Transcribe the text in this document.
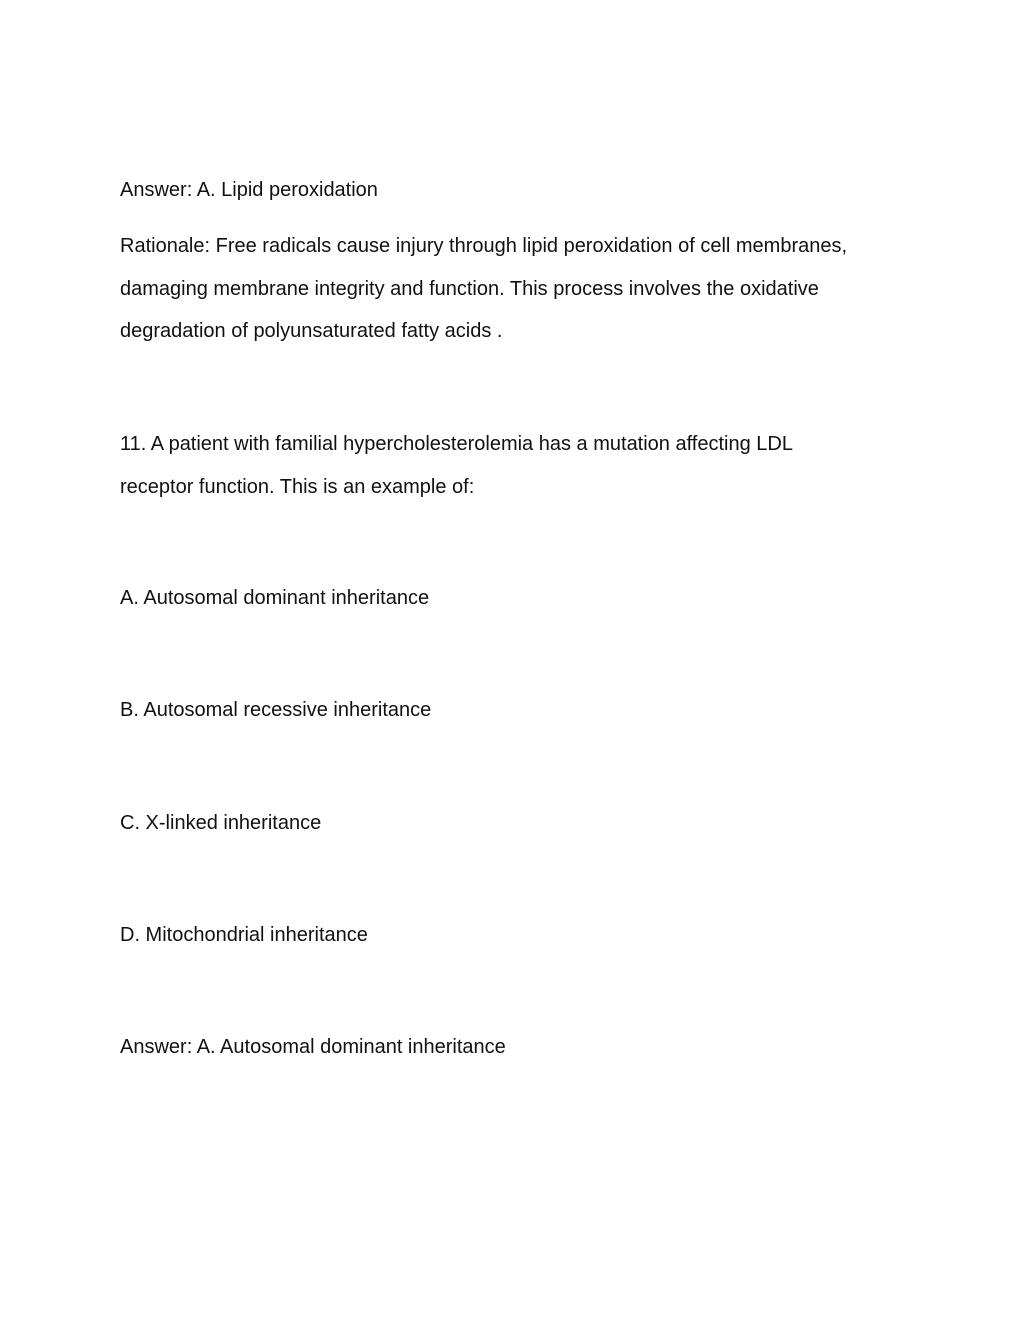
Answer: A. Lipid peroxidation
Rationale: Free radicals cause injury through lipid peroxidation of cell membranes,
damaging membrane integrity and function. This process involves the oxidative
degradation of polyunsaturated fatty acids .
11. A patient with familial hypercholesterolemia has a mutation affecting LDL
receptor function. This is an example of:
A. Autosomal dominant inheritance
B. Autosomal recessive inheritance
C. X-linked inheritance
D. Mitochondrial inheritance
Answer: A. Autosomal dominant inheritance
